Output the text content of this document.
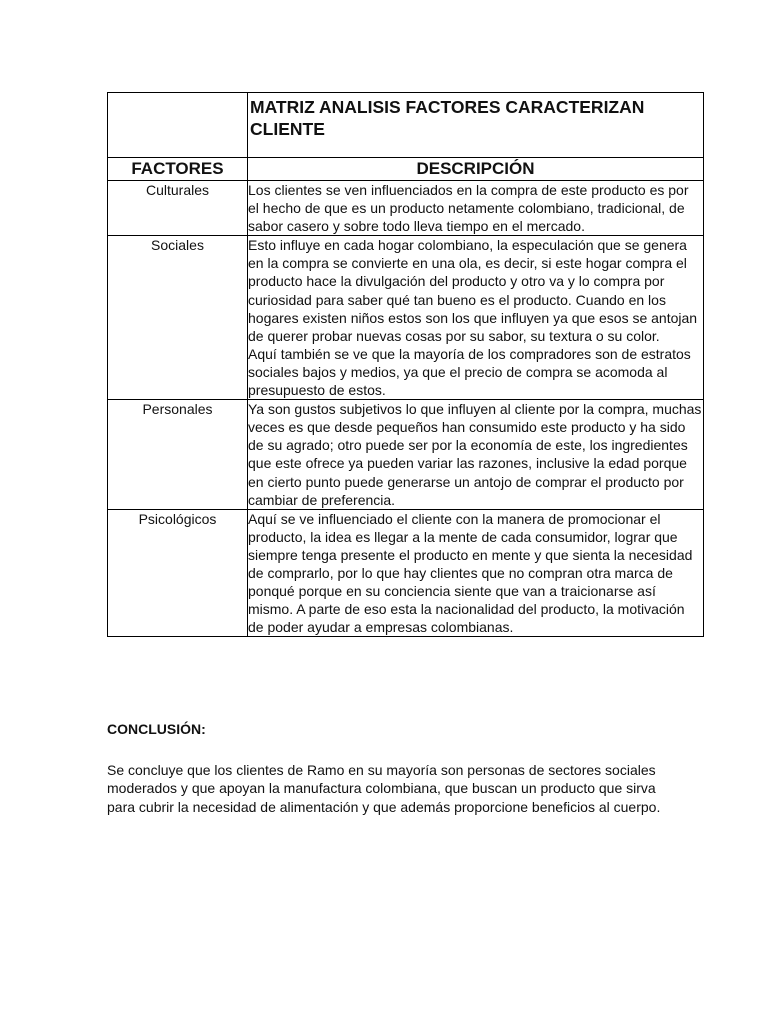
	MATRIZ ANALISIS FACTORES CARACTERIZAN CLIENTE

FACTORES	DESCRIPCIÓN
Culturales	Los clientes se ven influenciados en la compra de este producto es por el hecho de que es un producto netamente colombiano, tradicional, de sabor casero y sobre todo lleva tiempo en el mercado.

Sociales	Esto influye en cada hogar colombiano, la especulación que se genera en la compra se convierte en una ola, es decir, si este hogar compra el producto hace la divulgación del producto y otro va y lo compra por curiosidad para saber qué tan bueno es el producto. Cuando en los hogares existen niños estos son los que influyen ya que esos se antojan de querer probar nuevas cosas por su sabor, su textura o su color.

Aquí también se ve que la mayoría de los compradores son de estratos sociales bajos y medios, ya que el precio de compra se acomoda al presupuesto de estos.

Personales	Ya son gustos subjetivos lo que influyen al cliente por la compra, muchas veces es que desde pequeños han consumido este producto y ha sido de su agrado; otro puede ser por la economía de este, los ingredientes que este ofrece ya pueden variar las razones, inclusive la edad porque en cierto punto puede generarse un antojo de comprar el producto por cambiar de preferencia.

Psicológicos	Aquí se ve influenciado el cliente con la manera de promocionar el producto, la idea es llegar a la mente de cada consumidor, lograr que siempre tenga presente el producto en mente y que sienta la necesidad de comprarlo, por lo que hay clientes que no compran otra marca de ponqué porque en su conciencia siente que van a traicionarse así mismo. A parte de eso esta la nacionalidad del producto, la motivación de poder ayudar a empresas colombianas.

CONCLUSIÓN:
Se concluye que los clientes de Ramo en su mayoría son personas de sectores sociales moderados y que apoyan la manufactura colombiana, que buscan un producto que sirva para cubrir la necesidad de alimentación y que además proporcione beneficios al cuerpo.
